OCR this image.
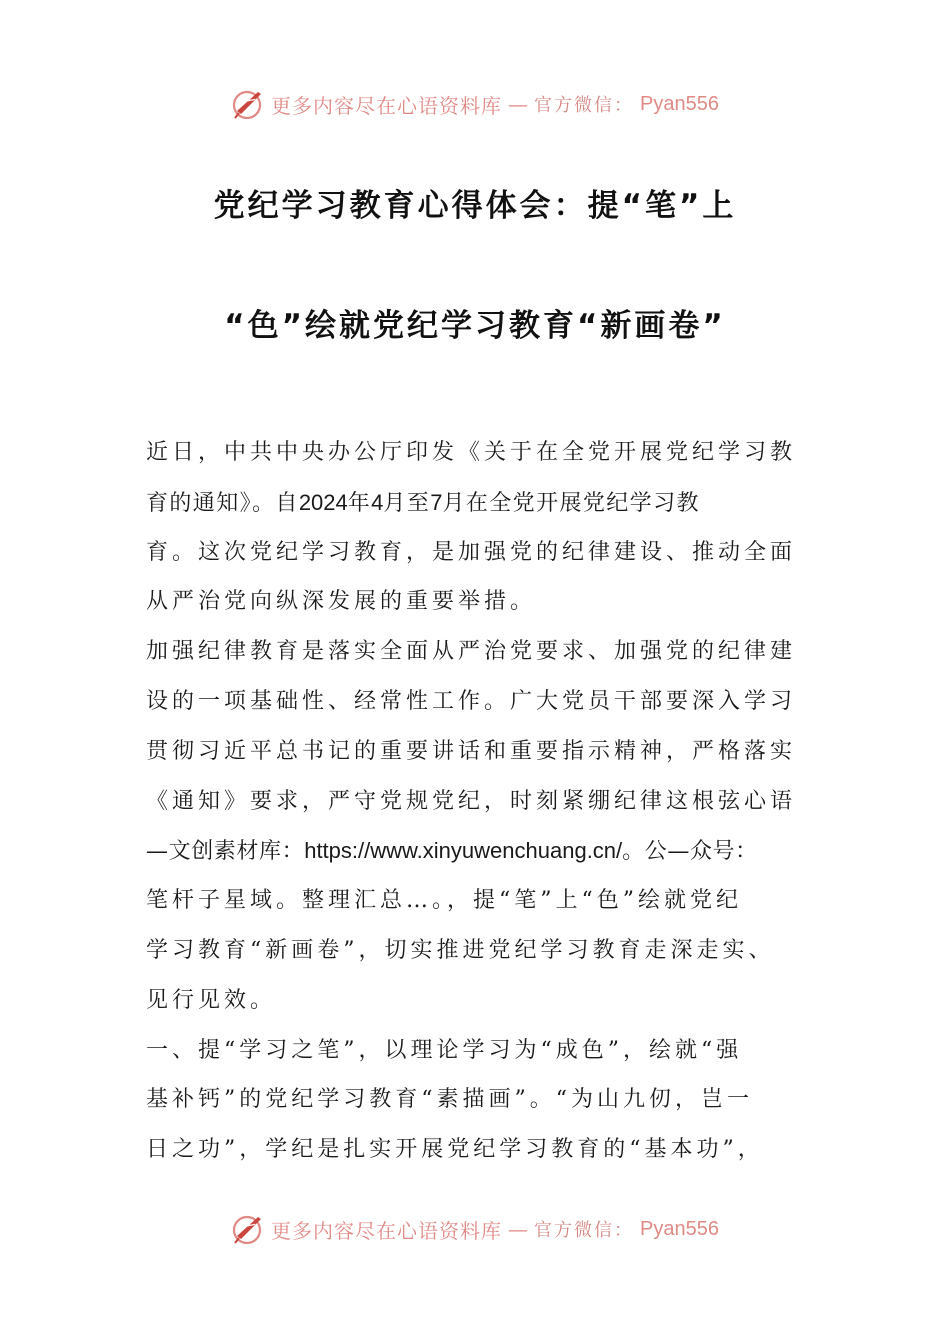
更多内容尽在心语资料库 — 官方微信： Pyan556
党纪学习教育心得体会：提“笔”上
“色”绘就党纪学习教育“新画卷”
近日，中共中央办公厅印发《关于在全党开展党纪学习教
育的通知》。自2024年4月至7月在全党开展党纪学习教
育。这次党纪学习教育，是加强党的纪律建设、推动全面
从严治党向纵深发展的重要举措。
加强纪律教育是落实全面从严治党要求、加强党的纪律建
设的一项基础性、经常性工作。广大党员干部要深入学习
贯彻习近平总书记的重要讲话和重要指示精神，严格落实
《通知》要求，严守党规党纪，时刻紧绷纪律这根弦心语
—文创素材库：https://www.xinyuwenchuang.cn/。公—众号：
笔杆子星域。整理汇总…。，提“笔”上“色”绘就党纪
学习教育“新画卷”，切实推进党纪学习教育走深走实、
见行见效。
一、提“学习之笔”，以理论学习为“成色”，绘就“强
基补钙”的党纪学习教育“素描画”。“为山九仞，岂一
日之功”，学纪是扎实开展党纪学习教育的“基本功”，
更多内容尽在心语资料库 — 官方微信： Pyan556
